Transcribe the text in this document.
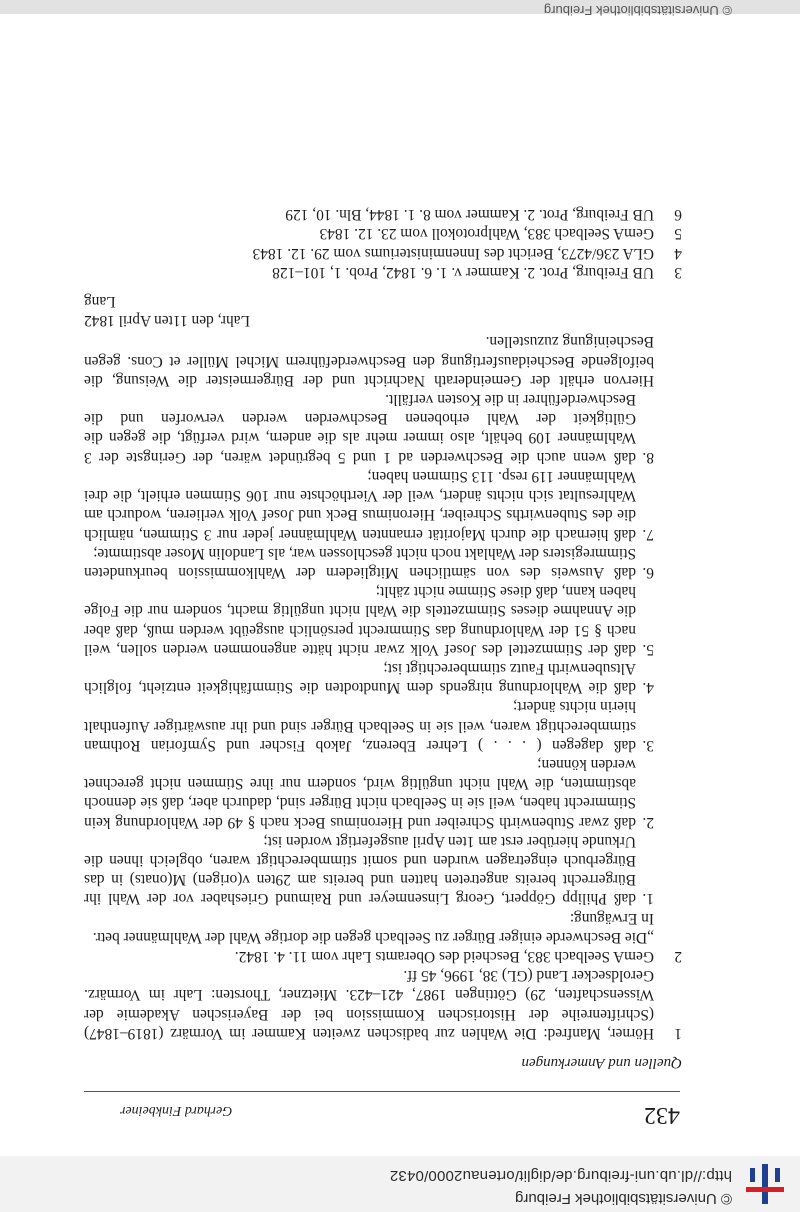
© Universitätsbibliothek Freiburg
http://dl.ub.uni-freiburg.de/diglit/ortenau2000/0432
432
Gerhard Finkbeiner
Quellen und Anmerkungen
1

Hörner, Manfred: Die Wahlen zur badischen zweiten Kammer im Vormärz (1819–1847) (Schriftenreihe der Historischen Kommission bei der Bayerischen Akademie der Wissenschaften, 29) Göttingen 1987, 421–423. Mietzner, Thorsten: Lahr im Vormärz. Geroldsecker Land (GL) 38, 1996, 45 ff.

2

GemA Seelbach 383, Bescheid des Oberamts Lahr vom 11. 4. 1842.

„Die Beschwerde einiger Bürger zu Seelbach gegen die dortige Wahl der Wahlmänner betr.

In Erwägung:

1.
daß Philipp Göppert, Georg Linsenmeyer und Raimund Grieshaber vor der Wahl ihr Bürgerrecht bereits angetreten hatten und bereits am 29ten v(origen) M(onats) in das Bürgerbuch eingetragen wurden und somit stimmberechtigt waren, obgleich ihnen die Urkunde hierüber erst am 1ten April ausgefertigt worden ist;
2.
daß zwar Stubenwirth Schreiber und Hieronimus Beck nach § 49 der Wahlordnung kein Stimmrecht haben, weil sie in Seelbach nicht Bürger sind, dadurch aber, daß sie dennoch abstimmten, die Wahl nicht ungültig wird, sondern nur ihre Stimmen nicht gerechnet werden können;
3.
daß dagegen ( . . . ) Lehrer Eberenz, Jakob Fischer und Symforian Rothman stimmberechtigt waren, weil sie in Seelbach Bürger sind und ihr auswärtiger Aufenthalt hierin nichts ändert;
4.
daß die Wahlordnung nirgends dem Mundtodten die Stimmfähigkeit entzieht, folglich Altsubenwirth Fautz stimmberechtigt ist;
5.
daß der Stimmzettel des Josef Volk zwar nicht hätte angenommen werden sollen, weil nach § 51 der Wahlordnung das Stimmrecht persönlich ausgeübt werden muß, daß aber die Annahme dieses Stimmzettels die Wahl nicht ungültig macht, sondern nur die Folge haben kann, daß diese Stimme nicht zählt;
6.
daß Ausweis des von sämtlichen Mitgliedern der Wahlkommission beurkundeten Stimmregisters der Wahlakt noch nicht geschlossen war, als Landolin Moser abstimmte;
7.
daß hiernach die durch Majorität ernannten Wahlmänner jeder nur 3 Stimmen, nämlich die des Stubenwirths Schreiber, Hieronimus Beck und Josef Volk verlieren, wodurch am Wahlresultat sich nichts ändert, weil der Vierthöchste nur 106 Stimmen erhielt, die drei Wahlmänner 119 resp. 113 Stimmen haben;
8.
daß wenn auch die Beschwerden ad 1 und 5 begründet wären, der Geringste der 3 Wahlmänner 109 behält, also immer mehr als die andern, wird verfügt, die gegen die Gültigkeit der Wahl erhobenen Beschwerden werden verworfen und die Beschwerdeführer in die Kosten verfällt.

Hiervon erhält der Gemeinderath Nachricht und der Bürgermeister die Weisung, die beifolgende Bescheidausfertigung den Beschwerdeführern Michel Müller et Cons. gegen Bescheinigung zuzustellen.

Lahr, den 11ten April 1842
Lang
3

UB Freiburg, Prot. 2. Kammer v. 1. 6. 1842, Prob. 1, 101–128

4

GLA 236/4273, Bericht des Innenministeriums vom 29. 12. 1843

5

GemA Seelbach 383, Wahlprotokoll vom 23. 12. 1843

6

UB Freiburg, Prot. 2. Kammer vom 8. 1. 1844, Bln. 10, 129

© Universitätsbibliothek Freiburg
